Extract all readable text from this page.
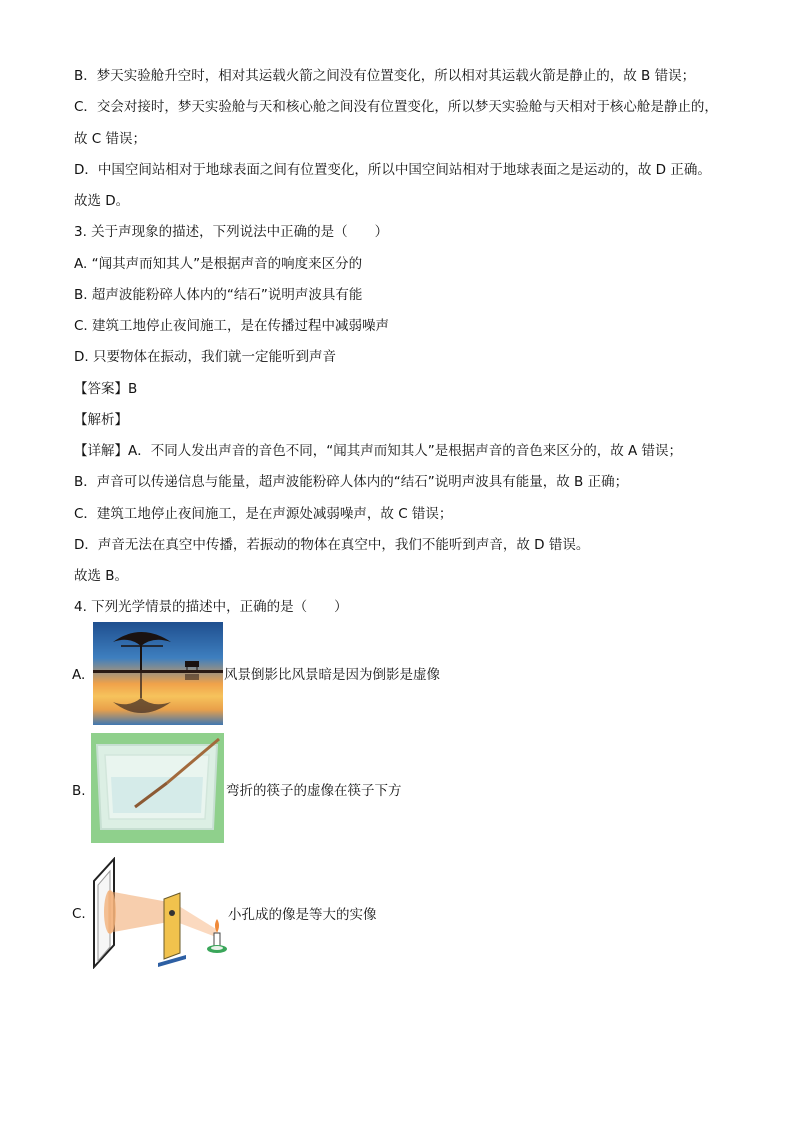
B．梦天实验舱升空时，相对其运载火箭之间没有位置变化，所以相对其运载火箭是静止的，故 B 错误；
C．交会对接时，梦天实验舱与天和核心舱之间没有位置变化，所以梦天实验舱与天相对于核心舱是静止的，
故 C 错误；
D．中国空间站相对于地球表面之间有位置变化，所以中国空间站相对于地球表面之是运动的，故 D 正确。
故选 D。
3. 关于声现象的描述，下列说法中正确的是（　　）
A. “闻其声而知其人”是根据声音的响度来区分的
B. 超声波能粉碎人体内的“结石”说明声波具有能
C. 建筑工地停止夜间施工，是在传播过程中减弱噪声
D. 只要物体在振动，我们就一定能听到声音
【答案】B
【解析】
【详解】A．不同人发出声音的音色不同，“闻其声而知其人”是根据声音的音色来区分的，故 A 错误；
B．声音可以传递信息与能量，超声波能粉碎人体内的“结石”说明声波具有能量，故 B 正确；
C．建筑工地停止夜间施工，是在声源处减弱噪声，故 C 错误；
D．声音无法在真空中传播，若振动的物体在真空中，我们不能听到声音，故 D 错误。
故选 B。
4. 下列光学情景的描述中，正确的是（　　）
A.	风景倒影比风景暗是因为倒影是虚像
B.	弯折的筷子的虚像在筷子下方
C.	小孔成的像是等大的实像
